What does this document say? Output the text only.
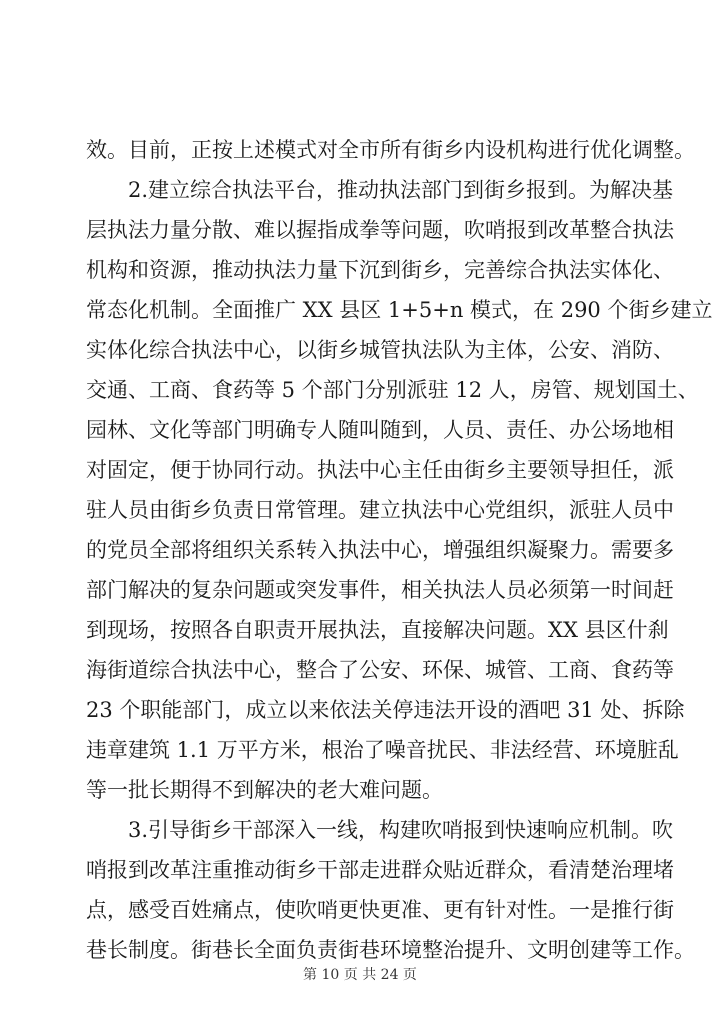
效。目前，正按上述模式对全市所有街乡内设机构进行优化调整。
2.建立综合执法平台，推动执法部门到街乡报到。为解决基
层执法力量分散、难以握指成拳等问题，吹哨报到改革整合执法
机构和资源，推动执法力量下沉到街乡，完善综合执法实体化、
常态化机制。全面推广 XX 县区 1+5+n 模式，在 290 个街乡建立
实体化综合执法中心，以街乡城管执法队为主体，公安、消防、
交通、工商、食药等 5 个部门分别派驻 12 人，房管、规划国土、
园林、文化等部门明确专人随叫随到，人员、责任、办公场地相
对固定，便于协同行动。执法中心主任由街乡主要领导担任，派
驻人员由街乡负责日常管理。建立执法中心党组织，派驻人员中
的党员全部将组织关系转入执法中心，增强组织凝聚力。需要多
部门解决的复杂问题或突发事件，相关执法人员必须第一时间赶
到现场，按照各自职责开展执法，直接解决问题。XX 县区什刹
海街道综合执法中心，整合了公安、环保、城管、工商、食药等
23 个职能部门，成立以来依法关停违法开设的酒吧 31 处、拆除
违章建筑 1.1 万平方米，根治了噪音扰民、非法经营、环境脏乱
等一批长期得不到解决的老大难问题。
3.引导街乡干部深入一线，构建吹哨报到快速响应机制。吹
哨报到改革注重推动街乡干部走进群众贴近群众，看清楚治理堵
点，感受百姓痛点，使吹哨更快更准、更有针对性。一是推行街
巷长制度。街巷长全面负责街巷环境整治提升、文明创建等工作。
第 10 页 共 24 页
